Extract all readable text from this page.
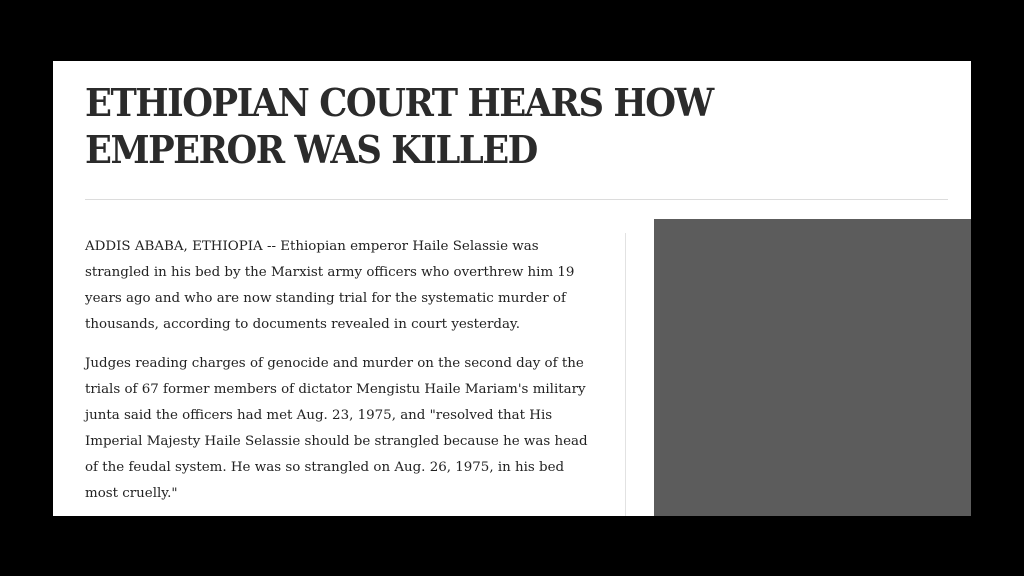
ETHIOPIAN COURT HEARS HOW EMPEROR WAS KILLED

ADDIS ABABA, ETHIOPIA -- Ethiopian emperor Haile Selassie was strangled in his bed by the Marxist army officers who overthrew him 19 years ago and who are now standing trial for the systematic murder of thousands, according to documents revealed in court yesterday.

Judges reading charges of genocide and murder on the second day of the trials of 67 former members of dictator Mengistu Haile Mariam's military junta said the officers had met Aug. 23, 1975, and "resolved that His Imperial Majesty Haile Selassie should be strangled because he was head of the feudal system. He was so strangled on Aug. 26, 1975, in his bed most cruelly."
